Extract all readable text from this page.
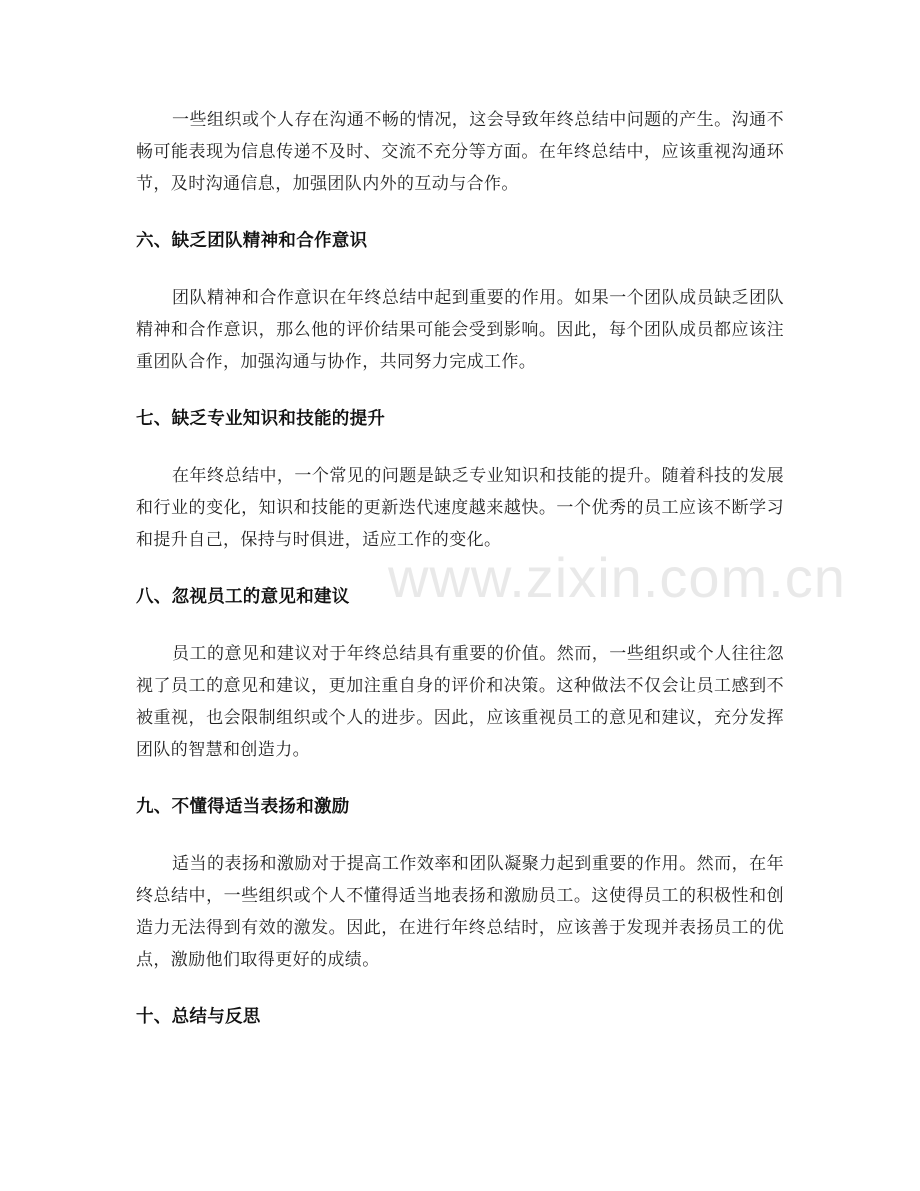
一些组织或个人存在沟通不畅的情况，这会导致年终总结中问题的产生。沟通不畅可能表现为信息传递不及时、交流不充分等方面。在年终总结中，应该重视沟通环节，及时沟通信息，加强团队内外的互动与合作。

六、缺乏团队精神和合作意识

团队精神和合作意识在年终总结中起到重要的作用。如果一个团队成员缺乏团队精神和合作意识，那么他的评价结果可能会受到影响。因此，每个团队成员都应该注重团队合作，加强沟通与协作，共同努力完成工作。

七、缺乏专业知识和技能的提升

在年终总结中，一个常见的问题是缺乏专业知识和技能的提升。随着科技的发展和行业的变化，知识和技能的更新迭代速度越来越快。一个优秀的员工应该不断学习和提升自己，保持与时俱进，适应工作的变化。

八、忽视员工的意见和建议

员工的意见和建议对于年终总结具有重要的价值。然而，一些组织或个人往往忽视了员工的意见和建议，更加注重自身的评价和决策。这种做法不仅会让员工感到不被重视，也会限制组织或个人的进步。因此，应该重视员工的意见和建议，充分发挥团队的智慧和创造力。

九、不懂得适当表扬和激励

适当的表扬和激励对于提高工作效率和团队凝聚力起到重要的作用。然而，在年终总结中，一些组织或个人不懂得适当地表扬和激励员工。这使得员工的积极性和创造力无法得到有效的激发。因此，在进行年终总结时，应该善于发现并表扬员工的优点，激励他们取得更好的成绩。

十、总结与反思
www.zixin.com.cn
